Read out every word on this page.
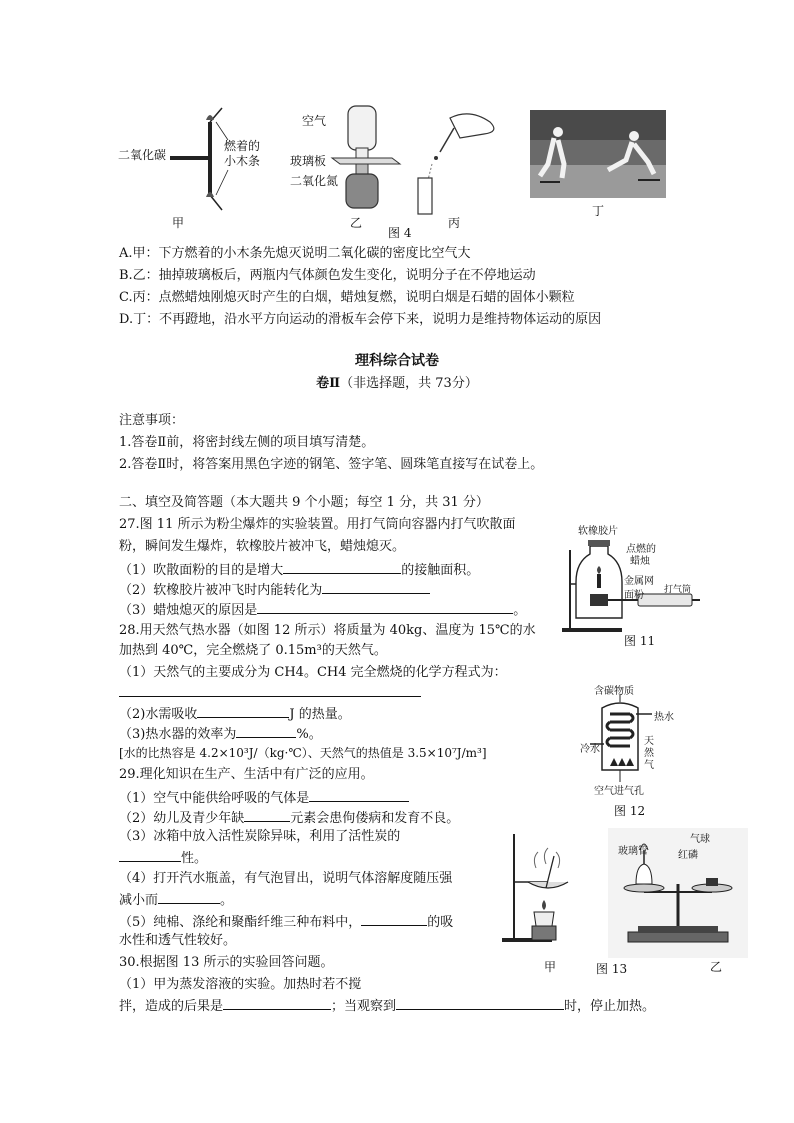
二氧化碳
燃着的
小木条
甲
空气
玻璃板
二氧化氮
乙
图 4
丙
丁
A.甲：下方燃着的小木条先熄灭说明二氧化碳的密度比空气大
B.乙：抽掉玻璃板后，两瓶内气体颜色发生变化，说明分子在不停地运动
C.丙：点燃蜡烛刚熄灭时产生的白烟，蜡烛复燃，说明白烟是石蜡的固体小颗粒
D.丁：不再蹬地，沿水平方向运动的滑板车会停下来，说明力是维持物体运动的原因
理科综合试卷
卷Ⅱ（非选择题，共 73分）
注意事项：
1.答卷Ⅱ前，将密封线左侧的项目填写清楚。
2.答卷Ⅱ时，将答案用黑色字迹的钢笔、签字笔、圆珠笔直接写在试卷上。
二、填空及简答题（本大题共 9 个小题；每空 1 分，共 31 分）
27.图 11 所示为粉尘爆炸的实验装置。用打气筒向容器内打气吹散面
粉，瞬间发生爆炸，软橡胶片被冲飞，蜡烛熄灭。
（1）吹散面粉的目的是增大	的接触面积。
（2）软橡胶片被冲飞时内能转化为
（3）蜡烛熄灭的原因是	。
软橡胶片
点燃的
蜡烛
金属网
面粉 打气筒
图 11
28.用天然气热水器（如图 12 所示）将质量为 40kg、温度为 15℃的水
加热到 40℃，完全燃烧了 0.15m³的天然气。
（1）天然气的主要成分为 CH4。CH4 完全燃烧的化学方程式为：
（2)水需吸收	J 的热量。
（3)热水器的效率为	%。
[水的比热容是 4.2×10³J/（kg·℃）、天然气的热值是 3.5×10⁷J/m³]
含碳物质
热水
冷水
天
然
气
空气进气孔
图 12
29.理化知识在生产、生活中有广泛的应用。
（1）空气中能供给呼吸的气体是
（2）幼儿及青少年缺	元素会患佝偻病和发育不良。
（3）冰箱中放入活性炭除异味，利用了活性炭的
性。
（4）打开汽水瓶盖，有气泡冒出，说明气体溶解度随压强
减小而	。
（5）纯棉、涤纶和聚酯纤维三种布料中，	的吸
水性和透气性较好。
气球
玻璃管	红磷
甲	图 13	乙
30.根据图 13 所示的实验回答问题。
（1）甲为蒸发溶液的实验。加热时若不搅
拌，造成的后果是	；当观察到	时，停止加热。
